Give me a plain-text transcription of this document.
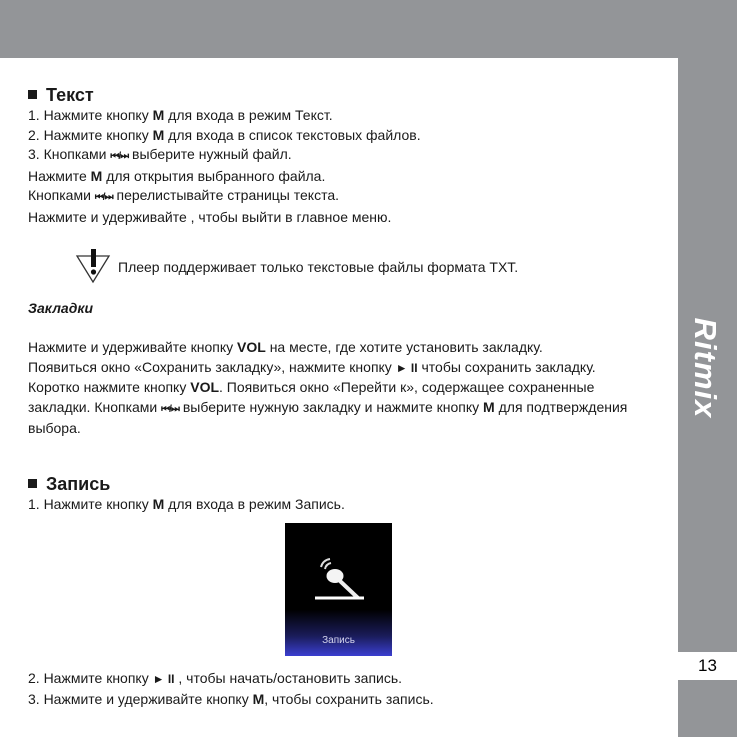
Ritmix
13
Текст
1. Нажмите кнопку M для входа в режим Текст.
2. Нажмите кнопку M для входа в список текстовых файлов.
3. Кнопками ⏮/⏭ выберите нужный файл.
Нажмите M для открытия выбранного файла.
Кнопками ⏮/⏭ перелистывайте страницы текста.
Нажмите и удерживайте , чтобы выйти в главное меню.
Плеер поддерживает только текстовые файлы формата TXT.
Закладки
Нажмите и удерживайте кнопку VOL на месте, где хотите установить закладку.
Появиться окно «Сохранить закладку», нажмите кнопку ► II чтобы сохранить закладку.
Коротко нажмите кнопку VOL. Появиться окно «Перейти к», содержащее сохраненные закладки. Кнопками ⏮/⏭ выберите нужную закладку и нажмите кнопку M для подтверждения выбора.
Запись
1. Нажмите кнопку M для входа в режим Запись.
Запись
2. Нажмите кнопку ► II , чтобы начать/остановить запись.
3. Нажмите и удерживайте кнопку M, чтобы сохранить запись.
